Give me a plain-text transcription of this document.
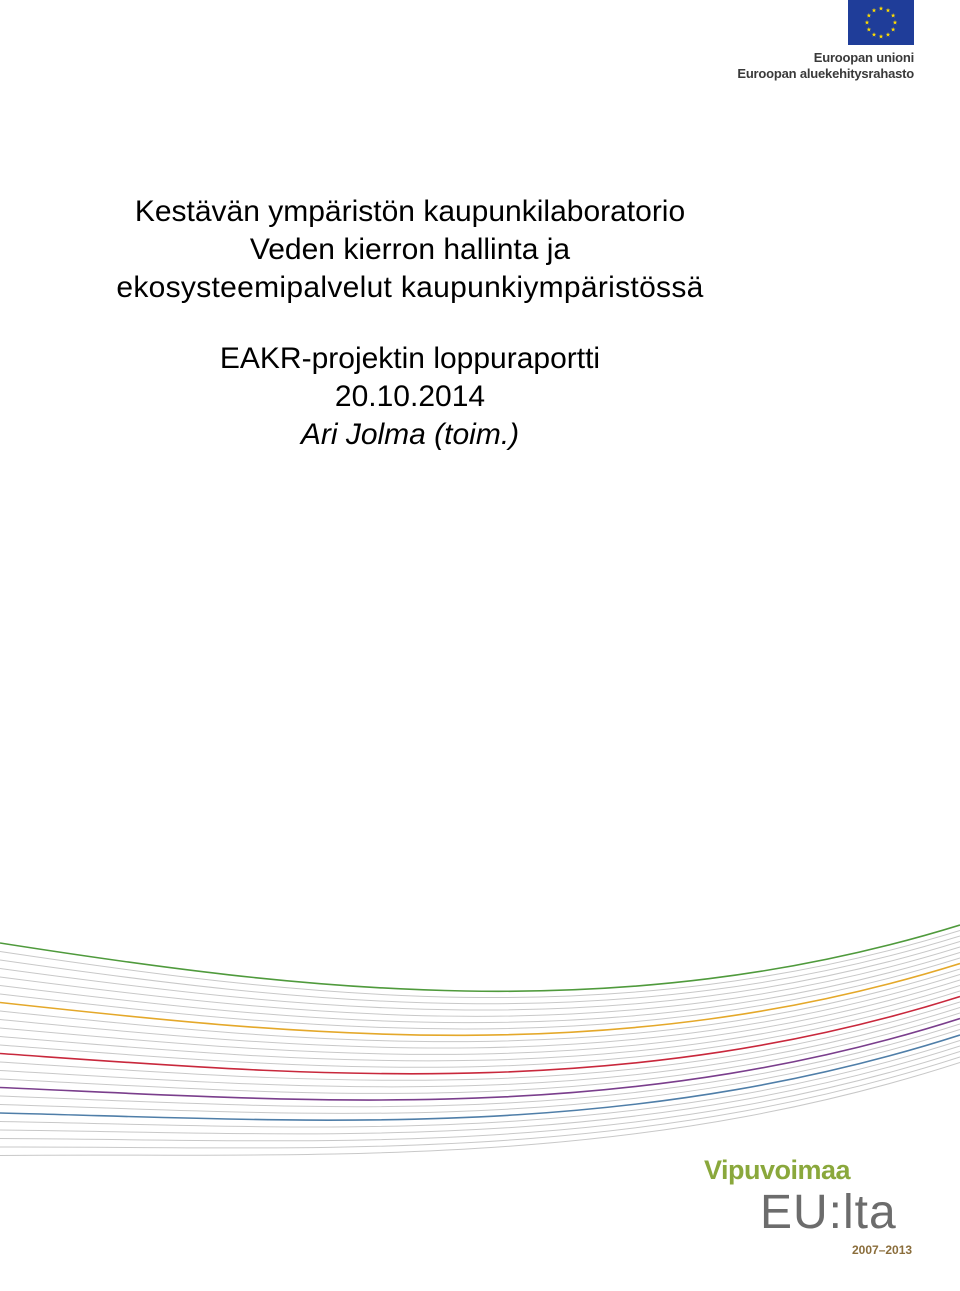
Euroopan unioni
Euroopan aluekehitysrahasto
Kestävän ympäristön kaupunkilaboratorio
Veden kierron hallinta ja
ekosysteemipalvelut kaupunkiympäristössä
EAKR-projektin loppuraportti
20.10.2014
Ari Jolma (toim.)
Vipuvoimaa
EU:lta
2007–2013
